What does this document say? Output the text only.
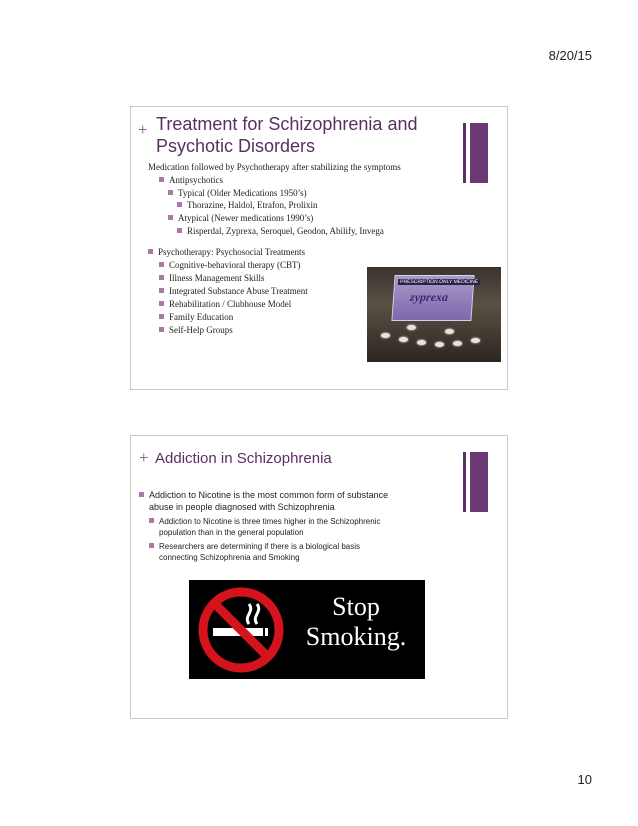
8/20/15
+ Treatment for Schizophrenia and
Psychotic Disorders
Medication followed by Psychotherapy after stabilizing the symptoms
Antipsychotics
Typical (Older Medications 1950’s)
Thorazine, Haldol, Etrafon, Prolixin
Atypical (Newer medications 1990’s)
Risperdal, Zyprexa, Seroquel, Geodon, Abilify, Invega
Psychotherapy: Psychosocial Treatments
Cognitive-behavioral therapy (CBT)
Illness Management Skills
Integrated Substance Abuse Treatment
Rehabilitation / Clubhouse Model
Family Education
Self-Help Groups
PRESCRIPTION ONLY MEDICINE
zyprexa
+ Addiction in Schizophrenia
Addiction to Nicotine is the most common form of substance
abuse in people diagnosed with Schizophrenia
Addiction to Nicotine is three times higher in the Schizophrenic
population than in the general population
Researchers are determining if there is a biological basis
connecting Schizophrenia and Smoking
Stop
Smoking.
10
